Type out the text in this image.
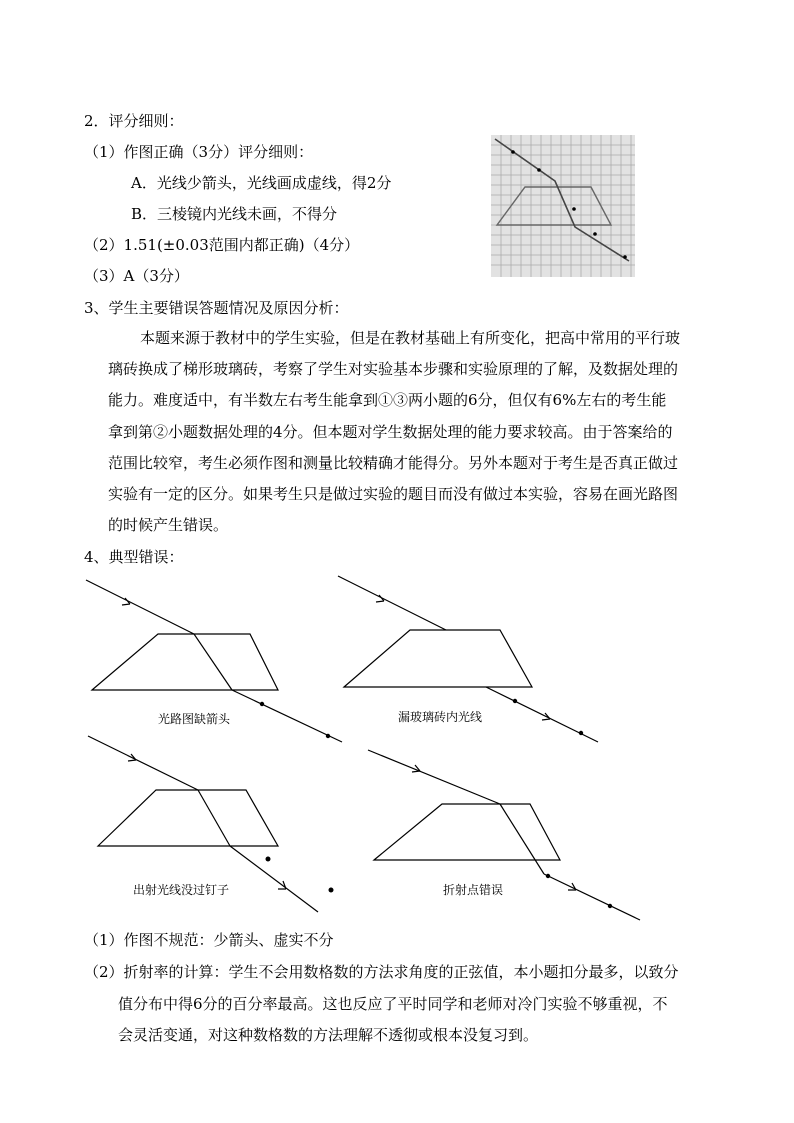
2．评分细则：
（1）作图正确（3分）评分细则：
A．光线少箭头，光线画成虚线，得2分
B．三棱镜内光线未画，不得分
（2）1.51(±0.03范围内都正确)（4分）
（3）A（3分）
3、学生主要错误答题情况及原因分析：
本题来源于教材中的学生实验，但是在教材基础上有所变化，把高中常用的平行玻
璃砖换成了梯形玻璃砖，考察了学生对实验基本步骤和实验原理的了解，及数据处理的
能力。难度适中，有半数左右考生能拿到①③两小题的6分，但仅有6%左右的考生能
拿到第②小题数据处理的4分。但本题对学生数据处理的能力要求较高。由于答案给的
范围比较窄，考生必须作图和测量比较精确才能得分。另外本题对于考生是否真正做过
实验有一定的区分。如果考生只是做过实验的题目而没有做过本实验，容易在画光路图
的时候产生错误。
4、典型错误：
光路图缺箭头	漏玻璃砖内光线
出射光线没过钉子	折射点错误
（1）作图不规范：少箭头、虚实不分
（2）折射率的计算：学生不会用数格数的方法求角度的正弦值，本小题扣分最多，以致分
值分布中得6分的百分率最高。这也反应了平时同学和老师对冷门实验不够重视，不
会灵活变通，对这种数格数的方法理解不透彻或根本没复习到。
